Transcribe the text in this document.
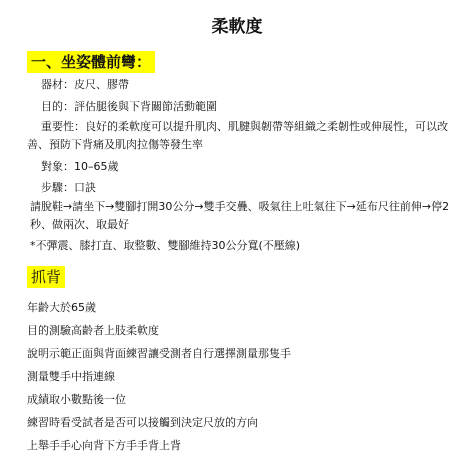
柔軟度
一、坐姿體前彎：
器材：皮尺、膠帶
目的：評估腿後與下背關節活動範圍
重要性：良好的柔軟度可以提升肌肉、肌腱與韌帶等組織之柔韌性或伸展性，可以改善、預防下背痛及肌肉拉傷等發生率
對象：10–65歲
步驟：口訣
請脫鞋→請坐下→雙腳打開30公分→雙手交疊、吸氣往上吐氣往下→延布尺往前伸→停2秒、做兩次、取最好
*不彈震、膝打直、取整數、雙腳維持30公分寬(不壓線)
抓背
年齡大於65歲
目的測驗高齡者上肢柔軟度
說明示範正面與背面練習讓受測者自行選擇測量那隻手
測量雙手中指連線
成績取小數點後一位
練習時看受試者是否可以接觸到決定尺放的方向
上舉手手心向背下方手手背上背
